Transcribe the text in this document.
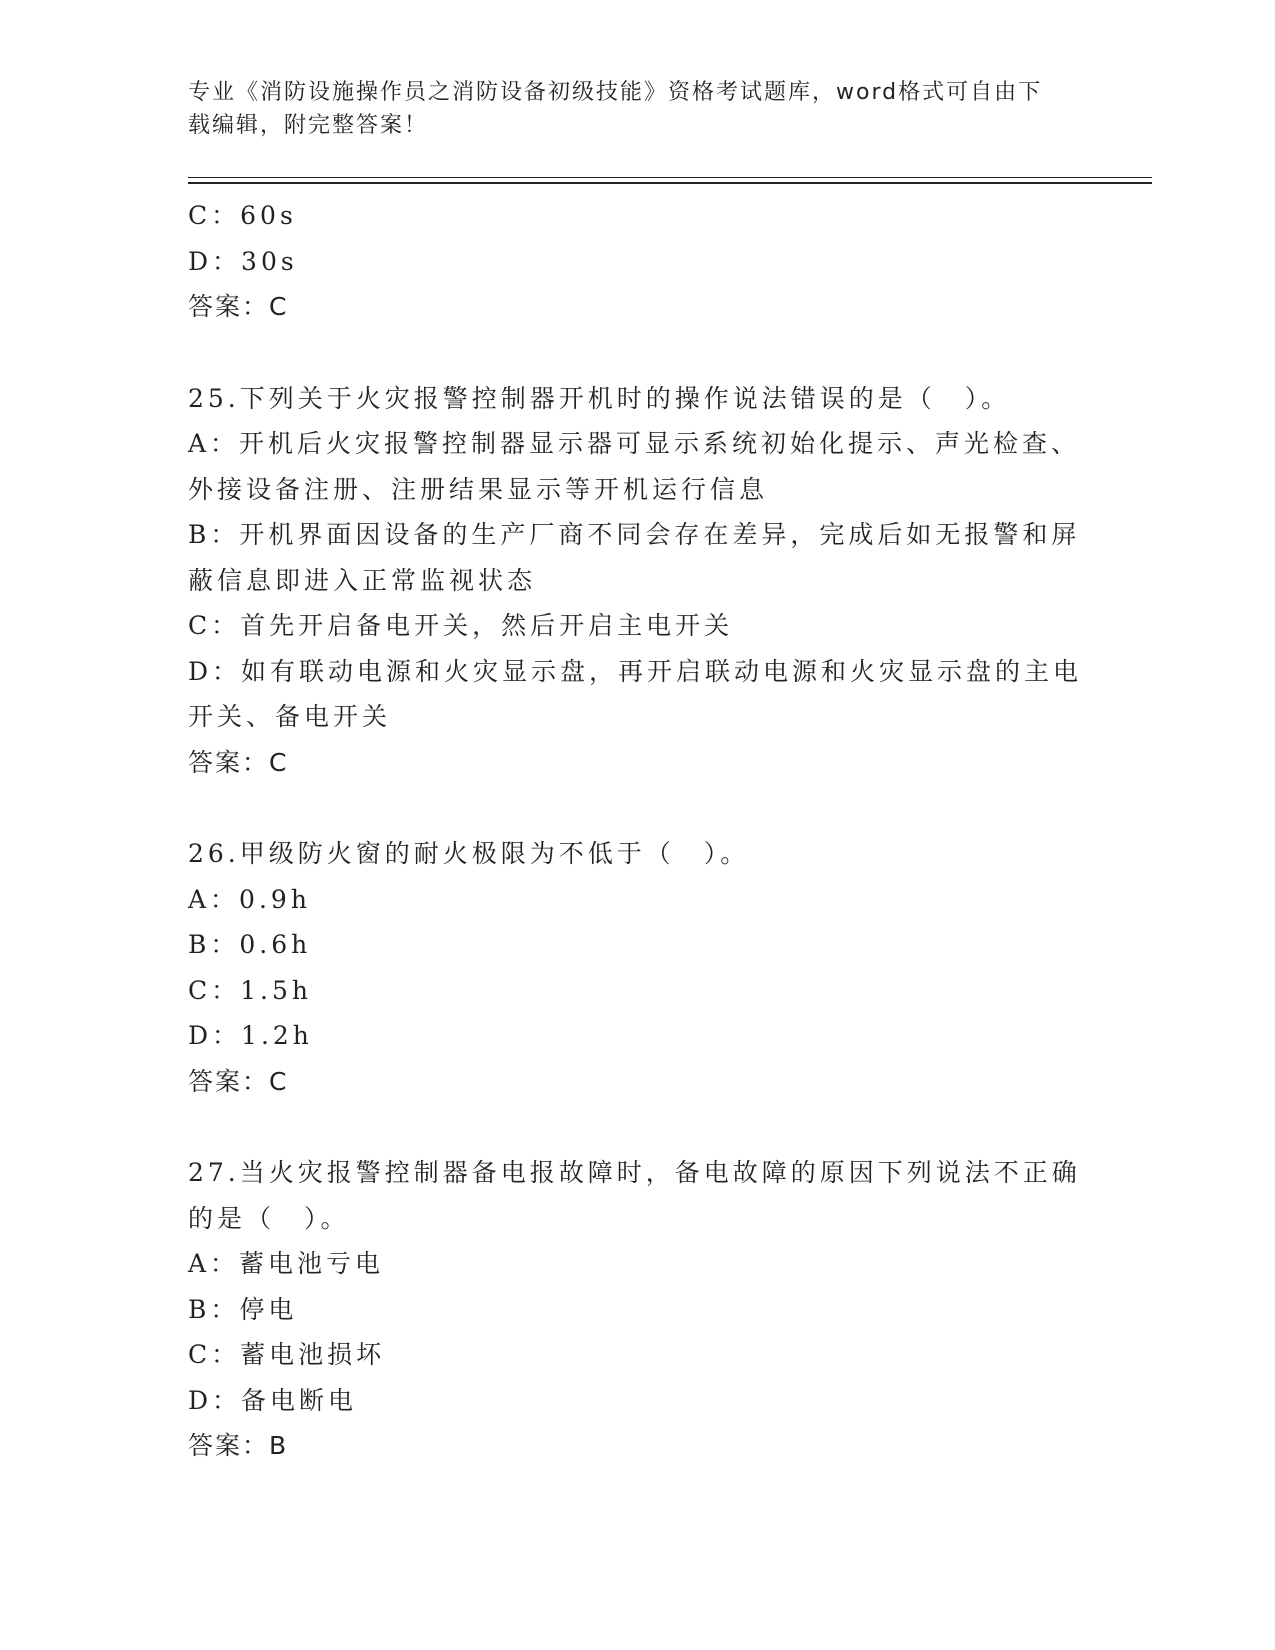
专业《消防设施操作员之消防设备初级技能》资格考试题库，word格式可自由下
载编辑，附完整答案！
C：60s
D：30s
答案：C
25.下列关于火灾报警控制器开机时的操作说法错误的是（　）。
A：开机后火灾报警控制器显示器可显示系统初始化提示、声光检查、
外接设备注册、注册结果显示等开机运行信息
B：开机界面因设备的生产厂商不同会存在差异，完成后如无报警和屏
蔽信息即进入正常监视状态
C：首先开启备电开关，然后开启主电开关
D：如有联动电源和火灾显示盘，再开启联动电源和火灾显示盘的主电
开关、备电开关
答案：C
26.甲级防火窗的耐火极限为不低于（　）。
A：0.9h
B：0.6h
C：1.5h
D：1.2h
答案：C
27.当火灾报警控制器备电报故障时，备电故障的原因下列说法不正确
的是（　）。
A：蓄电池亏电
B：停电
C：蓄电池损坏
D：备电断电
答案：B
